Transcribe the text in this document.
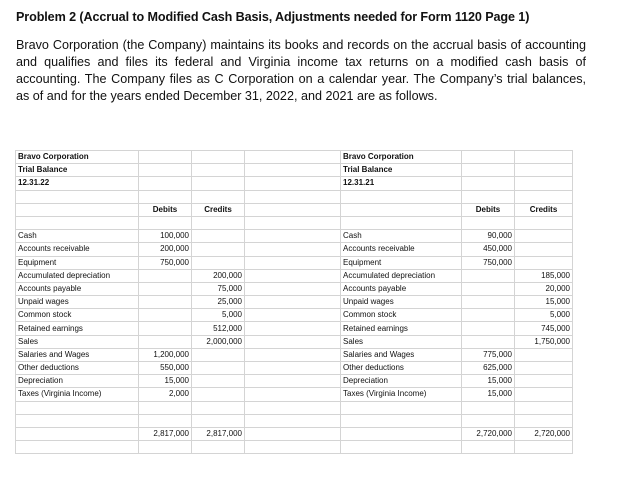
Problem 2 (Accrual to Modified Cash Basis, Adjustments needed for Form 1120 Page 1)

Bravo Corporation (the Company) maintains its books and records on the accrual basis of accounting and qualifies and files its federal and Virginia income tax returns on a modified cash basis of accounting. The Company files as C Corporation on a calendar year. The Company’s trial balances, as of and for the years ended December 31, 2022, and 2021 are as follows.

Bravo Corporation				Bravo Corporation		
Trial Balance				Trial Balance		
12.31.22				12.31.21		

	Debits	Credits			Debits	Credits

Cash	100,000			Cash	90,000	
Accounts receivable	200,000			Accounts receivable	450,000	
Equipment	750,000			Equipment	750,000	
Accumulated depreciation		200,000		Accumulated depreciation		185,000
Accounts payable		75,000		Accounts payable		20,000
Unpaid wages		25,000		Unpaid wages		15,000
Common stock		5,000		Common stock		5,000
Retained earnings		512,000		Retained earnings		745,000
Sales		2,000,000		Sales		1,750,000
Salaries and Wages	1,200,000			Salaries and Wages	775,000	
Other deductions	550,000			Other deductions	625,000	
Depreciation	15,000			Depreciation	15,000	
Taxes (Virginia Income)	2,000			Taxes (Virginia Income)	15,000	

	2,817,000	2,817,000			2,720,000	2,720,000
